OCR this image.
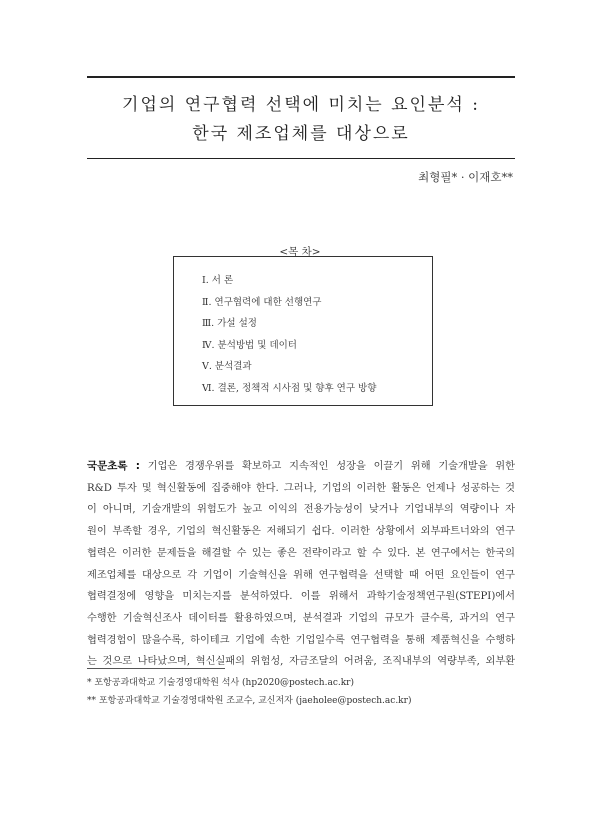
기업의 연구협력 선택에 미치는 요인분석 :
한국 제조업체를 대상으로
최형필* · 이재호**
<목 차>
Ⅰ. 서 론
Ⅱ. 연구협력에 대한 선행연구
Ⅲ. 가설 설정
Ⅳ. 분석방법 및 데이터
Ⅴ. 분석결과
Ⅵ. 결론, 정책적 시사점 및 향후 연구 방향

국문초록 : 기업은 경쟁우위를 확보하고 지속적인 성장을 이끌기 위해 기술개발을 위한
R&D 투자 및 혁신활동에 집중해야 한다. 그러나, 기업의 이러한 활동은 언제나 성공하는 것
이 아니며, 기술개발의 위험도가 높고 이익의 전용가능성이 낮거나 기업내부의 역량이나 자
원이 부족할 경우, 기업의 혁신활동은 저해되기 쉽다. 이러한 상황에서 외부파트너와의 연구
협력은 이러한 문제들을 해결할 수 있는 좋은 전략이라고 할 수 있다. 본 연구에서는 한국의
제조업체를 대상으로 각 기업이 기술혁신을 위해 연구협력을 선택할 때 어떤 요인들이 연구
협력결정에 영향을 미치는지를 분석하였다. 이를 위해서 과학기술정책연구원(STEPI)에서
수행한 기술혁신조사 데이터를 활용하였으며, 분석결과 기업의 규모가 클수록, 과거의 연구
협력경험이 많을수록, 하이테크 기업에 속한 기업일수록 연구협력을 통해 제품혁신을 수행하
는 것으로 나타났으며, 혁신실패의 위험성, 자금조달의 어려움, 조직내부의 역량부족, 외부환

* 포항공과대학교 기술경영대학원 석사 (hp2020@postech.ac.kr)
** 포항공과대학교 기술경영대학원 조교수, 교신저자 (jaeholee@postech.ac.kr)
